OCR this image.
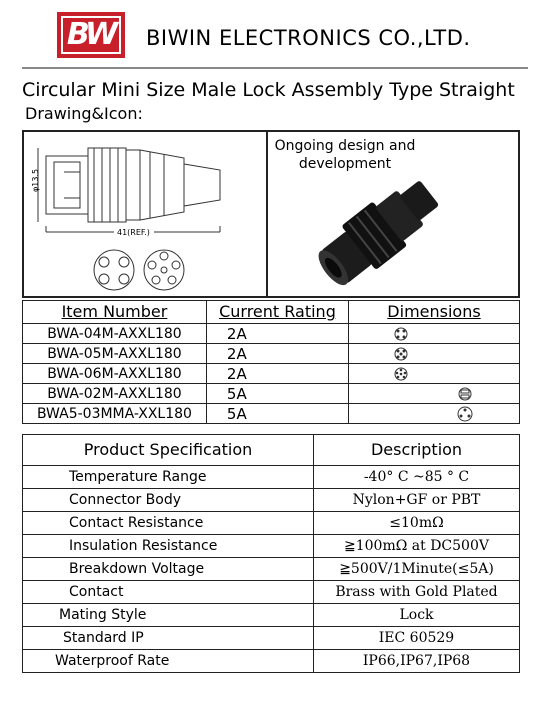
BW BIWIN ELECTRONICS CO.,LTD.
Circular Mini Size Male Lock Assembly Type Straight
Drawing&Icon:
φ13.5
41(REF.)
Ongoing design and development
Item Number	Current Rating	Dimensions
BWA-04M-AXXL180	2A	

BWA-05M-AXXL180	2A	

BWA-06M-AXXL180	2A	

BWA-02M-AXXL180	5A	

BWA5-03MMA-XXL180	5A	
Product Specification	Description
Temperature Range	-40° C ~85 ° C
Connector Body	Nylon+GF or PBT
Contact Resistance	≤10mΩ
Insulation Resistance	≧100mΩ at DC500V
Breakdown Voltage	≧500V/1Minute(≤5A)
Contact	Brass with Gold Plated
Mating Style	Lock
Standard IP	IEC 60529
Waterproof Rate	IP66,IP67,IP68
